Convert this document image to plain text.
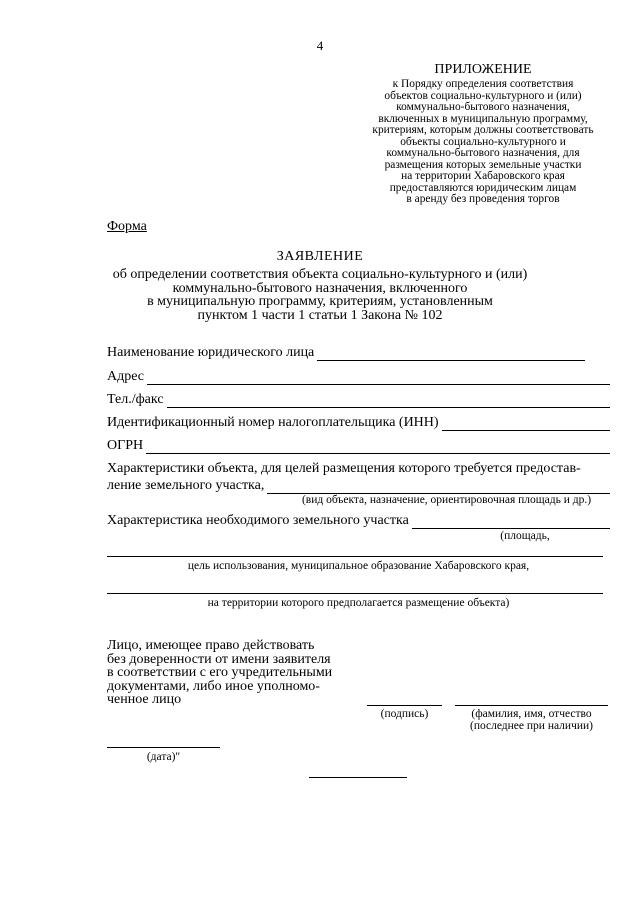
4
ПРИЛОЖЕНИЕ
к Порядку определения соответствия
объектов социально-культурного и (или)
коммунально-бытового назначения,
включенных в муниципальную программу,
критериям, которым должны соответствовать
объекты социально-культурного и
коммунально-бытового назначения, для
размещения которых земельные участки
на территории Хабаровского края
предоставляются юридическим лицам
в аренду без проведения торгов
Форма
ЗАЯВЛЕНИЕ
об определении соответствия объекта социально-культурного и (или)
коммунально-бытового назначения, включенного
в муниципальную программу, критериям, установленным
пунктом 1 части 1 статьи 1 Закона № 102
Наименование юридического лица
Адрес
Тел./факс
Идентификационный номер налогоплательщика (ИНН)
ОГРН
Характеристики объекта, для целей размещения которого требуется предостав-
ление земельного участка,
(вид объекта, назначение, ориентировочная площадь и др.)
Характеристика необходимого земельного участка
(площадь,
цель использования, муниципальное образование Хабаровского края,
на территории которого предполагается размещение объекта)
Лицо, имеющее право действовать
без доверенности от имени заявителя
в соответствии с его учредительными
документами, либо иное уполномо-
ченное лицо
(подпись)	(фамилия, имя, отчество
(последнее при наличии)
(дата)"
